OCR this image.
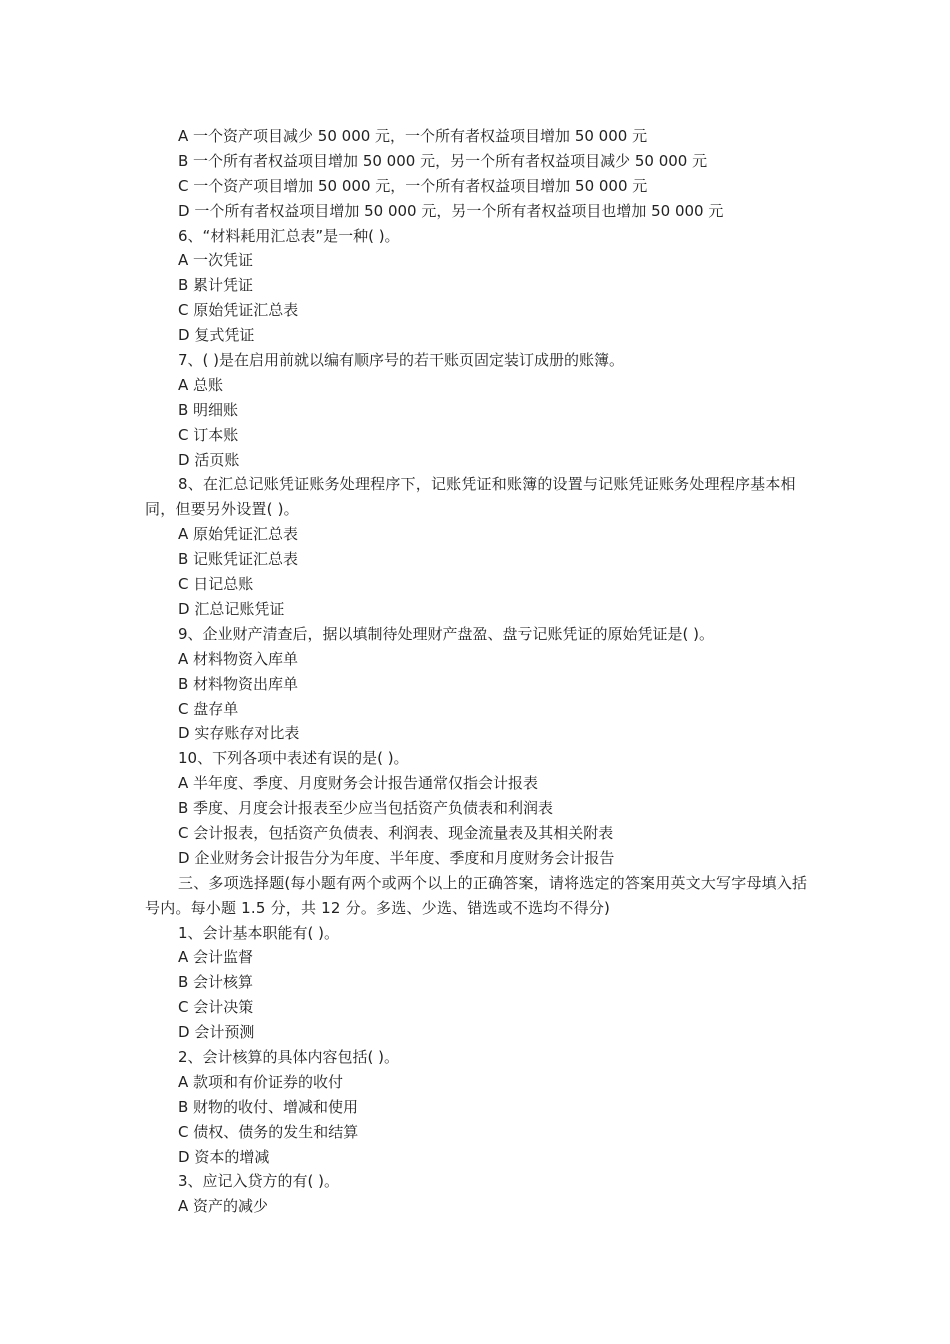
A 一个资产项目减少 50 000 元，一个所有者权益项目增加 50 000 元
B 一个所有者权益项目增加 50 000 元，另一个所有者权益项目减少 50 000 元
C 一个资产项目增加 50 000 元，一个所有者权益项目增加 50 000 元
D 一个所有者权益项目增加 50 000 元，另一个所有者权益项目也增加 50 000 元
6、“材料耗用汇总表”是一种( )。
A 一次凭证
B 累计凭证
C 原始凭证汇总表
D 复式凭证
7、( )是在启用前就以编有顺序号的若干账页固定装订成册的账簿。
A 总账
B 明细账
C 订本账
D 活页账
8、在汇总记账凭证账务处理程序下，记账凭证和账簿的设置与记账凭证账务处理程序基本相同，但要另外设置( )。
A 原始凭证汇总表
B 记账凭证汇总表
C 日记总账
D 汇总记账凭证
9、企业财产清查后，据以填制待处理财产盘盈、盘亏记账凭证的原始凭证是( )。
A 材料物资入库单
B 材料物资出库单
C 盘存单
D 实存账存对比表
10、下列各项中表述有误的是( )。
A 半年度、季度、月度财务会计报告通常仅指会计报表
B 季度、月度会计报表至少应当包括资产负债表和利润表
C 会计报表，包括资产负债表、利润表、现金流量表及其相关附表
D 企业财务会计报告分为年度、半年度、季度和月度财务会计报告
三、多项选择题(每小题有两个或两个以上的正确答案，请将选定的答案用英文大写字母填入括号内。每小题 1.5 分，共 12 分。多选、少选、错选或不选均不得分)
1、会计基本职能有( )。
A 会计监督
B 会计核算
C 会计决策
D 会计预测
2、会计核算的具体内容包括( )。
A 款项和有价证券的收付
B 财物的收付、增减和使用
C 债权、债务的发生和结算
D 资本的增减
3、应记入贷方的有( )。
A 资产的减少
